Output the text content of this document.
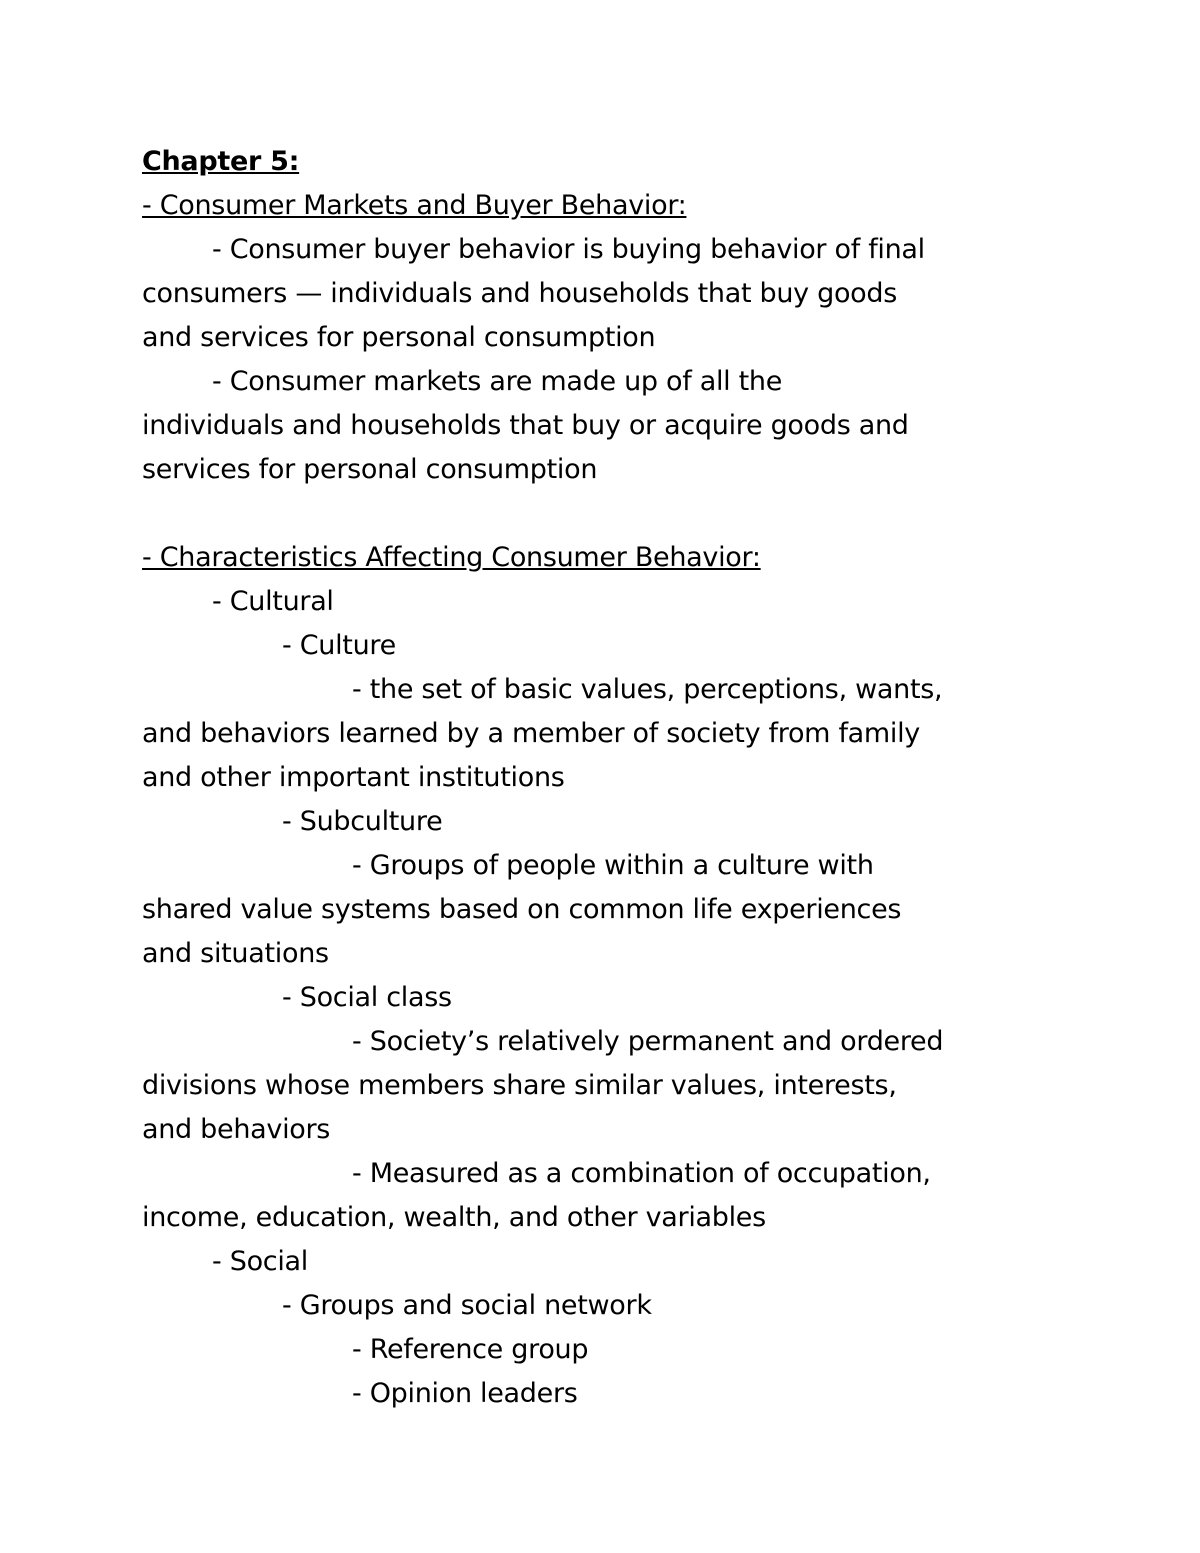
Chapter 5:
- Consumer Markets and Buyer Behavior:
- Consumer buyer behavior is buying behavior of final
consumers — individuals and households that buy goods
and services for personal consumption
- Consumer markets are made up of all the
individuals and households that buy or acquire goods and
services for personal consumption
- Characteristics Affecting Consumer Behavior:
- Cultural
- Culture
- the set of basic values, perceptions, wants,
and behaviors learned by a member of society from family
and other important institutions
- Subculture
- Groups of people within a culture with
shared value systems based on common life experiences
and situations
- Social class
- Society’s relatively permanent and ordered
divisions whose members share similar values, interests,
and behaviors
- Measured as a combination of occupation,
income, education, wealth, and other variables
- Social
- Groups and social network
- Reference group
- Opinion leaders
